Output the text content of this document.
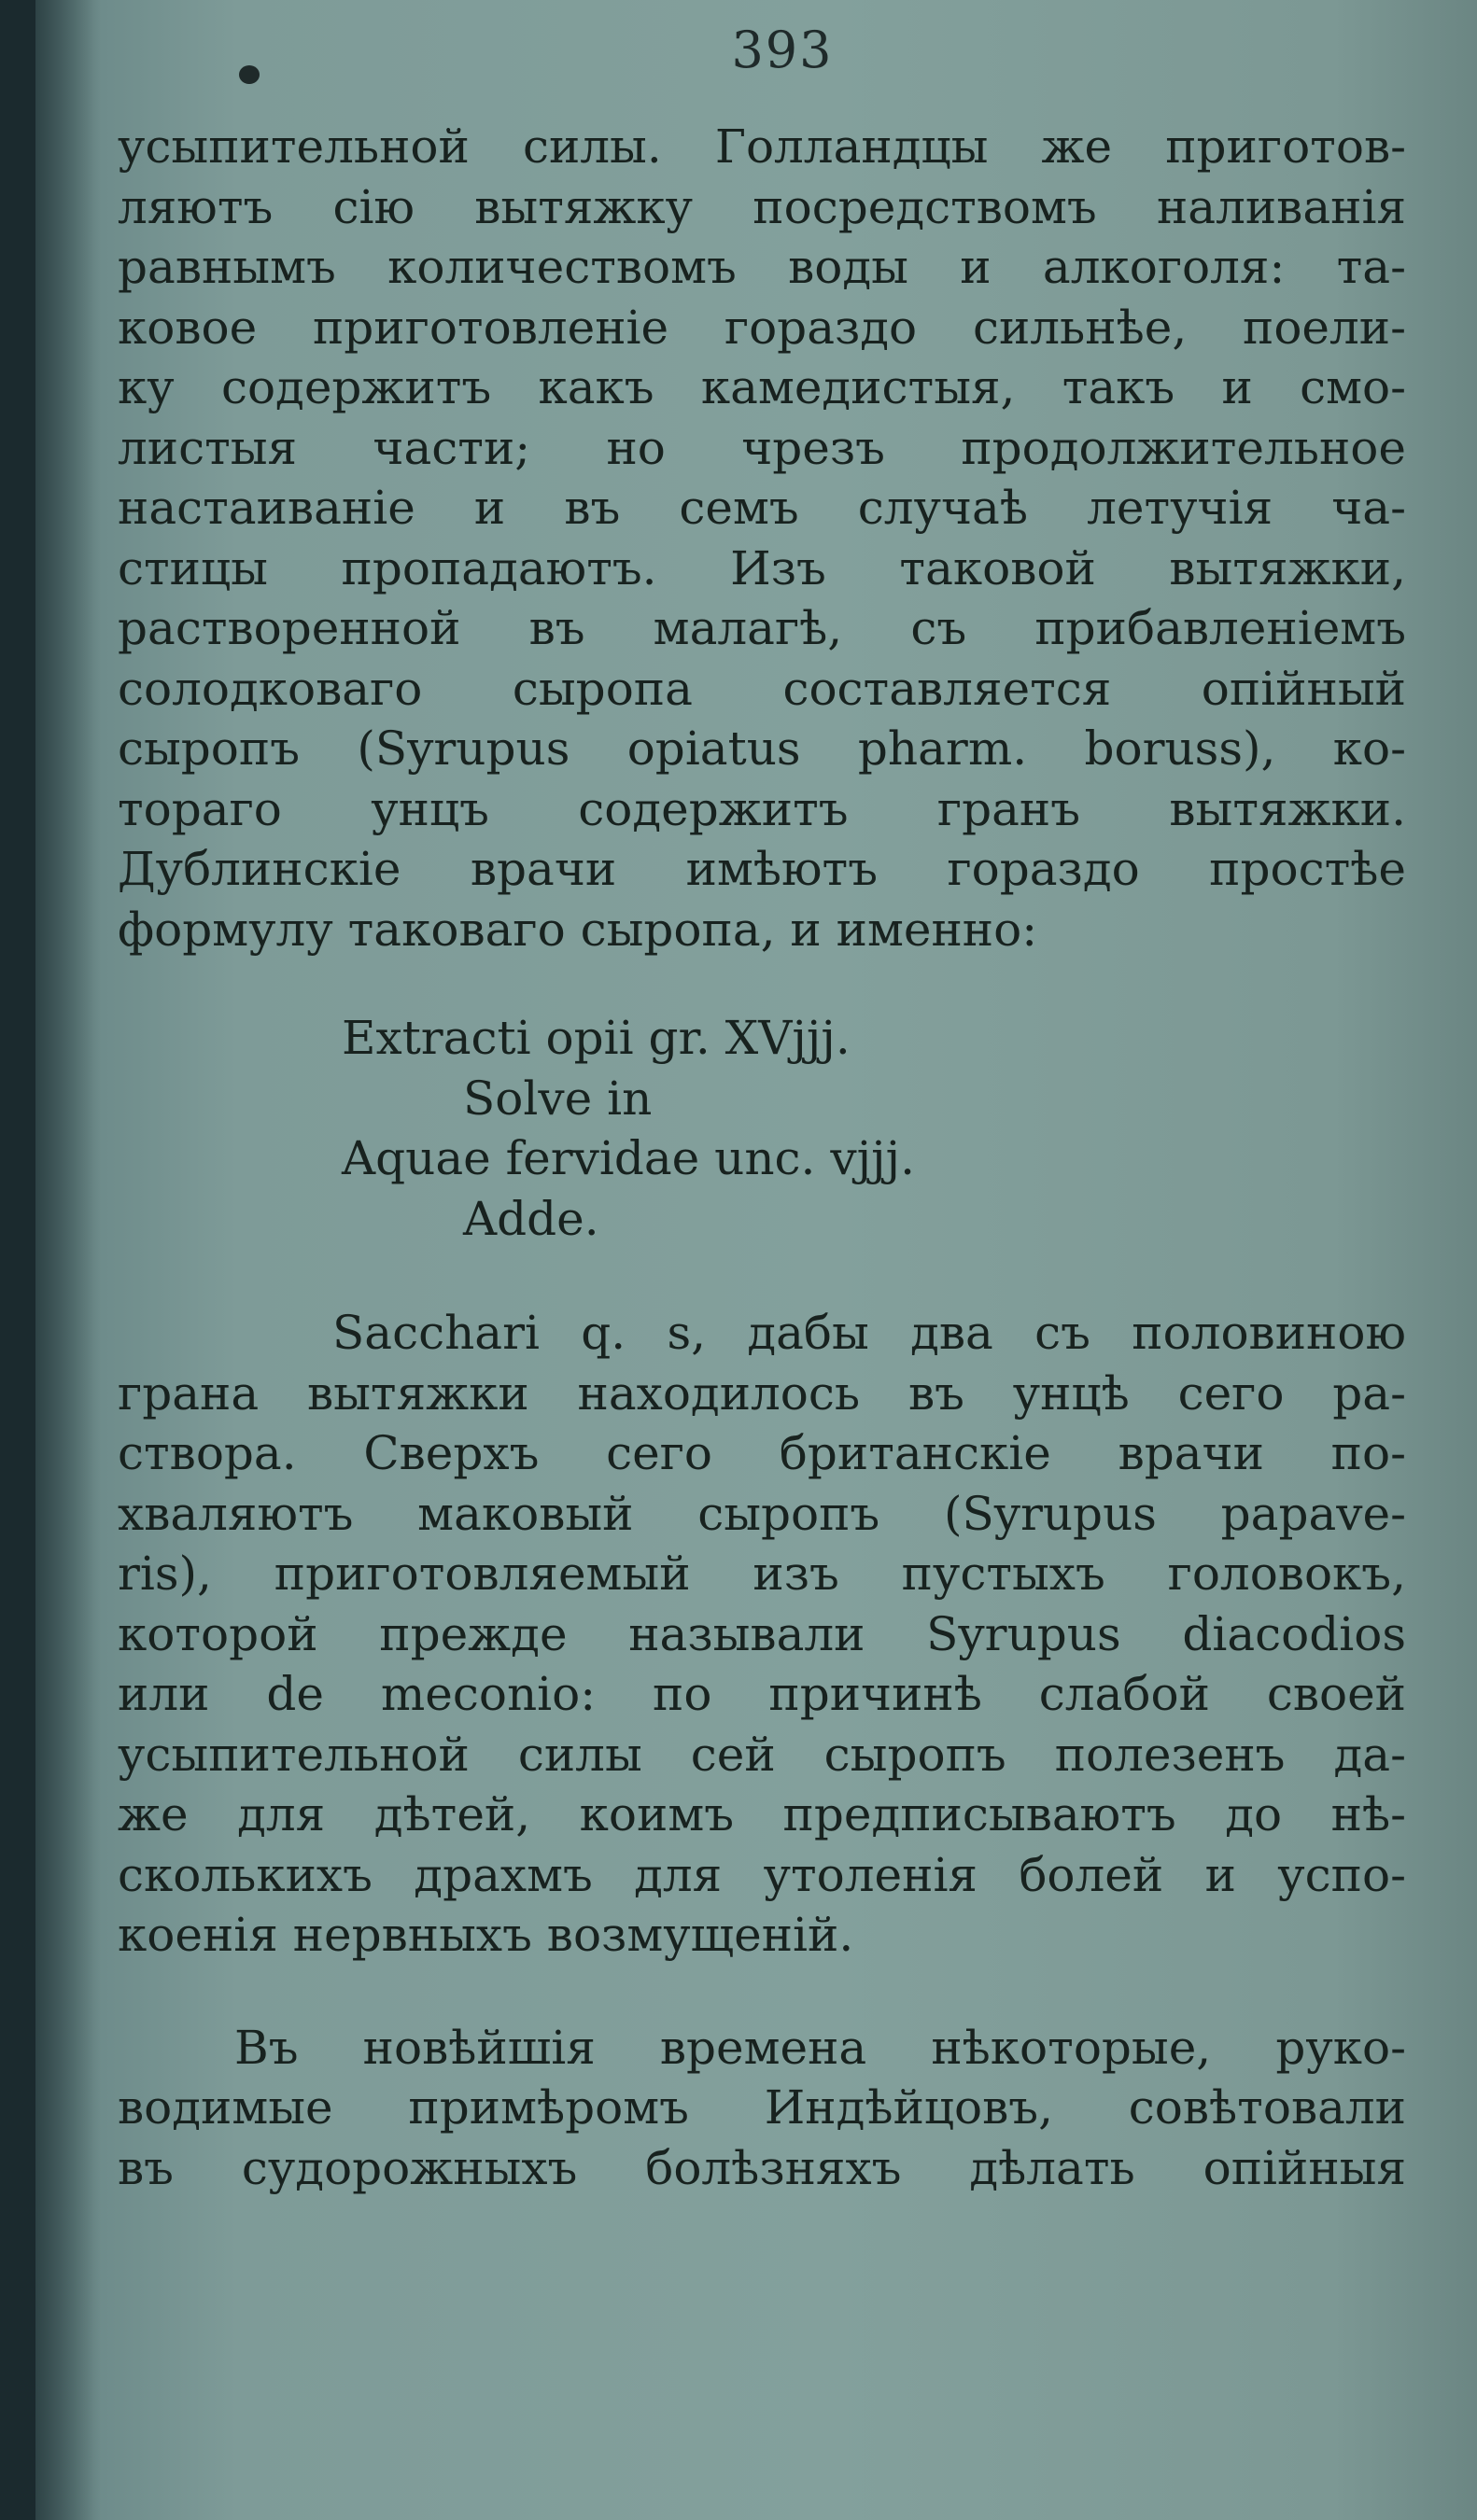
393
усыпительной силы. Голландцы же приготов-
ляютъ сію вытяжку посредствомъ наливанія
равнымъ количествомъ воды и алкоголя: та-
ковое приготовленіе гораздо сильнѣе, поели-
ку содержитъ какъ камедистыя, такъ и смо-
листыя части; но чрезъ продолжительное
настаиваніе и въ семъ случаѣ летучія ча-
стицы пропадаютъ. Изъ таковой вытяжки,
растворенной въ малагѣ, съ прибавленіемъ
солодковаго сыропа составляется опійный
сыропъ (Syrupus opiatus pharm. boruss), ко-
тораго унцъ содержитъ гранъ вытяжки.
Дублинскіе врачи имѣютъ гораздо простѣе
формулу таковаго сыропа, и именно:
Extracti opii gr. XVjjj.
Solve in
Aquae fervidae unc. vjjj.
Adde.
Sacchari q. s, дабы два съ половиною
грана вытяжки находилось въ унцѣ сего ра-
створа. Сверхъ сего британскіе врачи по-
хваляютъ маковый сыропъ (Syrupus papave-
ris), приготовляемый изъ пустыхъ головокъ,
которой прежде называли Syrupus diacodios
или de meconio: по причинѣ слабой своей
усыпительной силы сей сыропъ полезенъ да-
же для дѣтей, коимъ предписываютъ до нѣ-
сколькихъ драхмъ для утоленія болей и успо-
коенія нервныхъ возмущеній.
Въ новѣйшія времена нѣкоторые, руко-
водимые примѣромъ Индѣйцовъ, совѣтовали
въ судорожныхъ болѣзняхъ дѣлать опійныя
